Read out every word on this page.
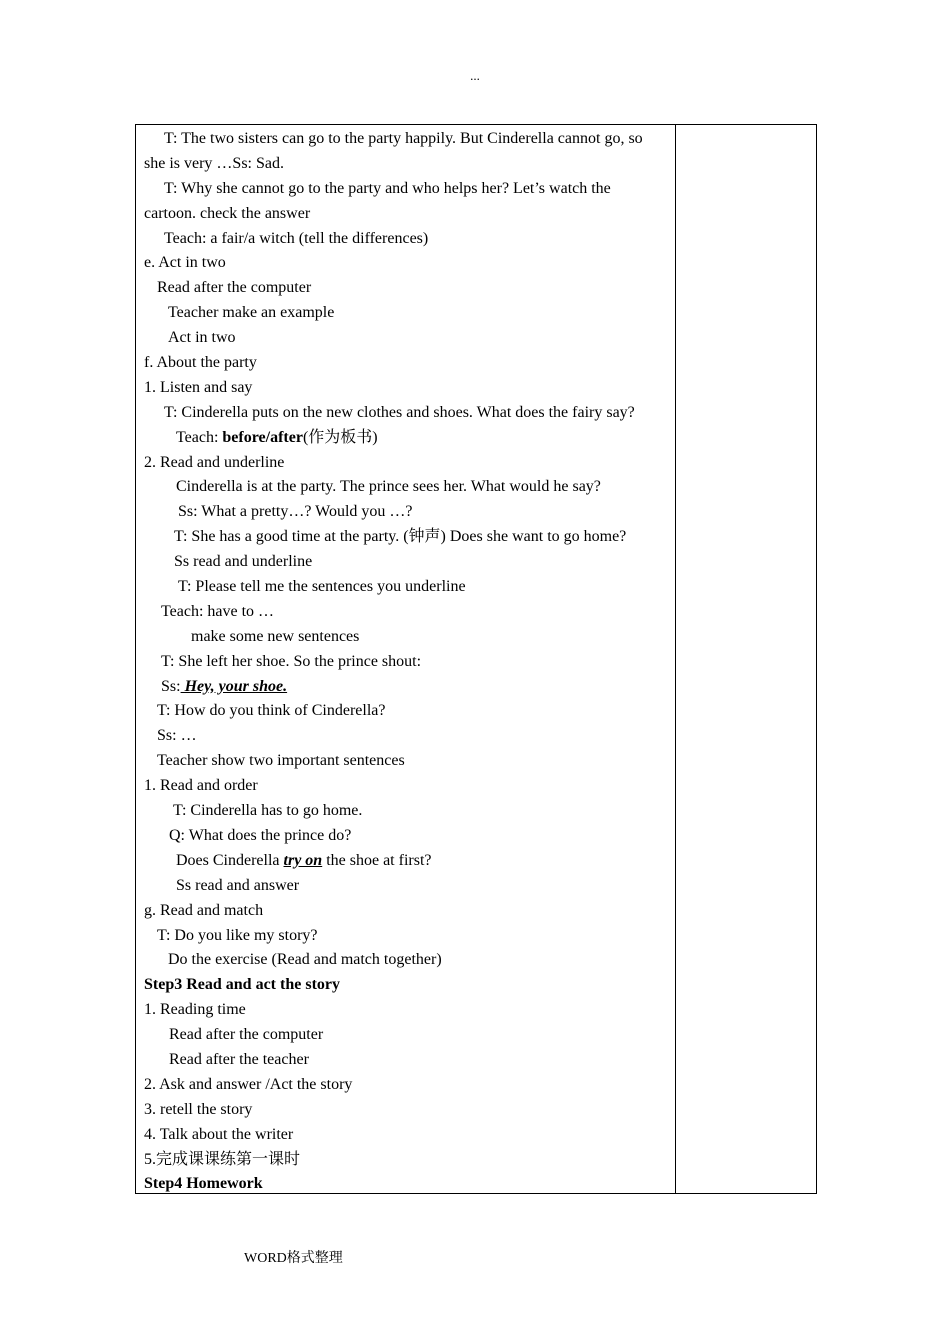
...
T: The two sisters can go to the party happily. But Cinderella cannot go, so
she is very …Ss: Sad.
T: Why she cannot go to the party and who helps her? Let’s watch the
cartoon. check the answer
Teach: a fair/a witch (tell the differences)
e. Act in two
Read after the computer
Teacher make an example
Act in two
f. About the party
1. Listen and say
T: Cinderella puts on the new clothes and shoes. What does the fairy say?
Teach: before/after(作为板书)
2. Read and underline
Cinderella is at the party. The prince sees her. What would he say?
Ss: What a pretty…? Would you …?
T: She has a good time at the party. (钟声) Does she want to go home?
Ss read and underline
T: Please tell me the sentences you underline
Teach: have to …
make some new sentences
T: She left her shoe. So the prince shout:
Ss: Hey, your shoe.
T: How do you think of Cinderella?
Ss: …
Teacher show two important sentences
1. Read and order
T: Cinderella has to go home.
Q: What does the prince do?
Does Cinderella try on the shoe at first?
Ss read and answer
g. Read and match
T: Do you like my story?
Do the exercise (Read and match together)
Step3 Read and act the story
1. Reading time
Read after the computer
Read after the teacher
2. Ask and answer /Act the story
3. retell the story
4. Talk about the writer
5.完成课课练第一课时
Step4 Homework
WORD格式整理
